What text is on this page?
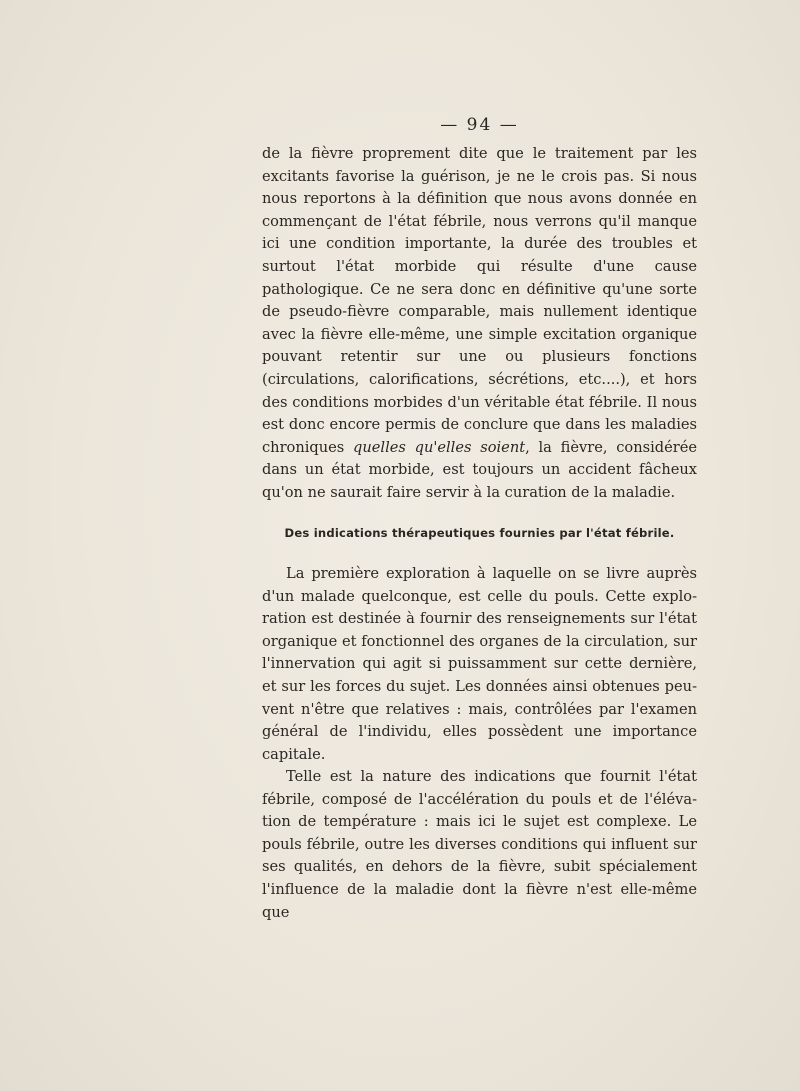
— 94 —

de la fièvre proprement dite que le traitement par les excitants favorise la guérison, je ne le crois pas. Si nous nous reportons à la définition que nous avons donnée en commençant de l'état fébrile, nous verrons qu'il manque ici une condition importante, la durée des troubles et surtout l'état morbide qui résulte d'une cause pathologique. Ce ne sera donc en définitive qu'une sorte de pseudo-fièvre comparable, mais nullement identique avec la fièvre elle-même, une simple excitation organique pouvant retentir sur une ou plusieurs fonctions (circulations, calorifications, sécrétions, etc....), et hors des conditions morbides d'un véritable état fébrile. Il nous est donc encore permis de conclure que dans les maladies chroniques quelles qu'elles soient, la fièvre, considérée dans un état morbide, est toujours un accident fâcheux qu'on ne saurait faire servir à la curation de la maladie.

Des indications thérapeutiques fournies par l'état fébrile.

La première exploration à laquelle on se livre auprès d'un malade quelconque, est celle du pouls. Cette exploration est destinée à fournir des renseignements sur l'état organique et fonctionnel des organes de la circulation, sur l'innervation qui agit si puissamment sur cette dernière, et sur les forces du sujet. Les données ainsi obtenues peuvent n'être que relatives : mais, contrôlées par l'examen général de l'individu, elles possèdent une importance capitale.

Telle est la nature des indications que fournit l'état fébrile, composé de l'accélération du pouls et de l'élévation de température : mais ici le sujet est complexe. Le pouls fébrile, outre les diverses conditions qui influent sur ses qualités, en dehors de la fièvre, subit spécialement l'influence de la maladie dont la fièvre n'est elle-même que
